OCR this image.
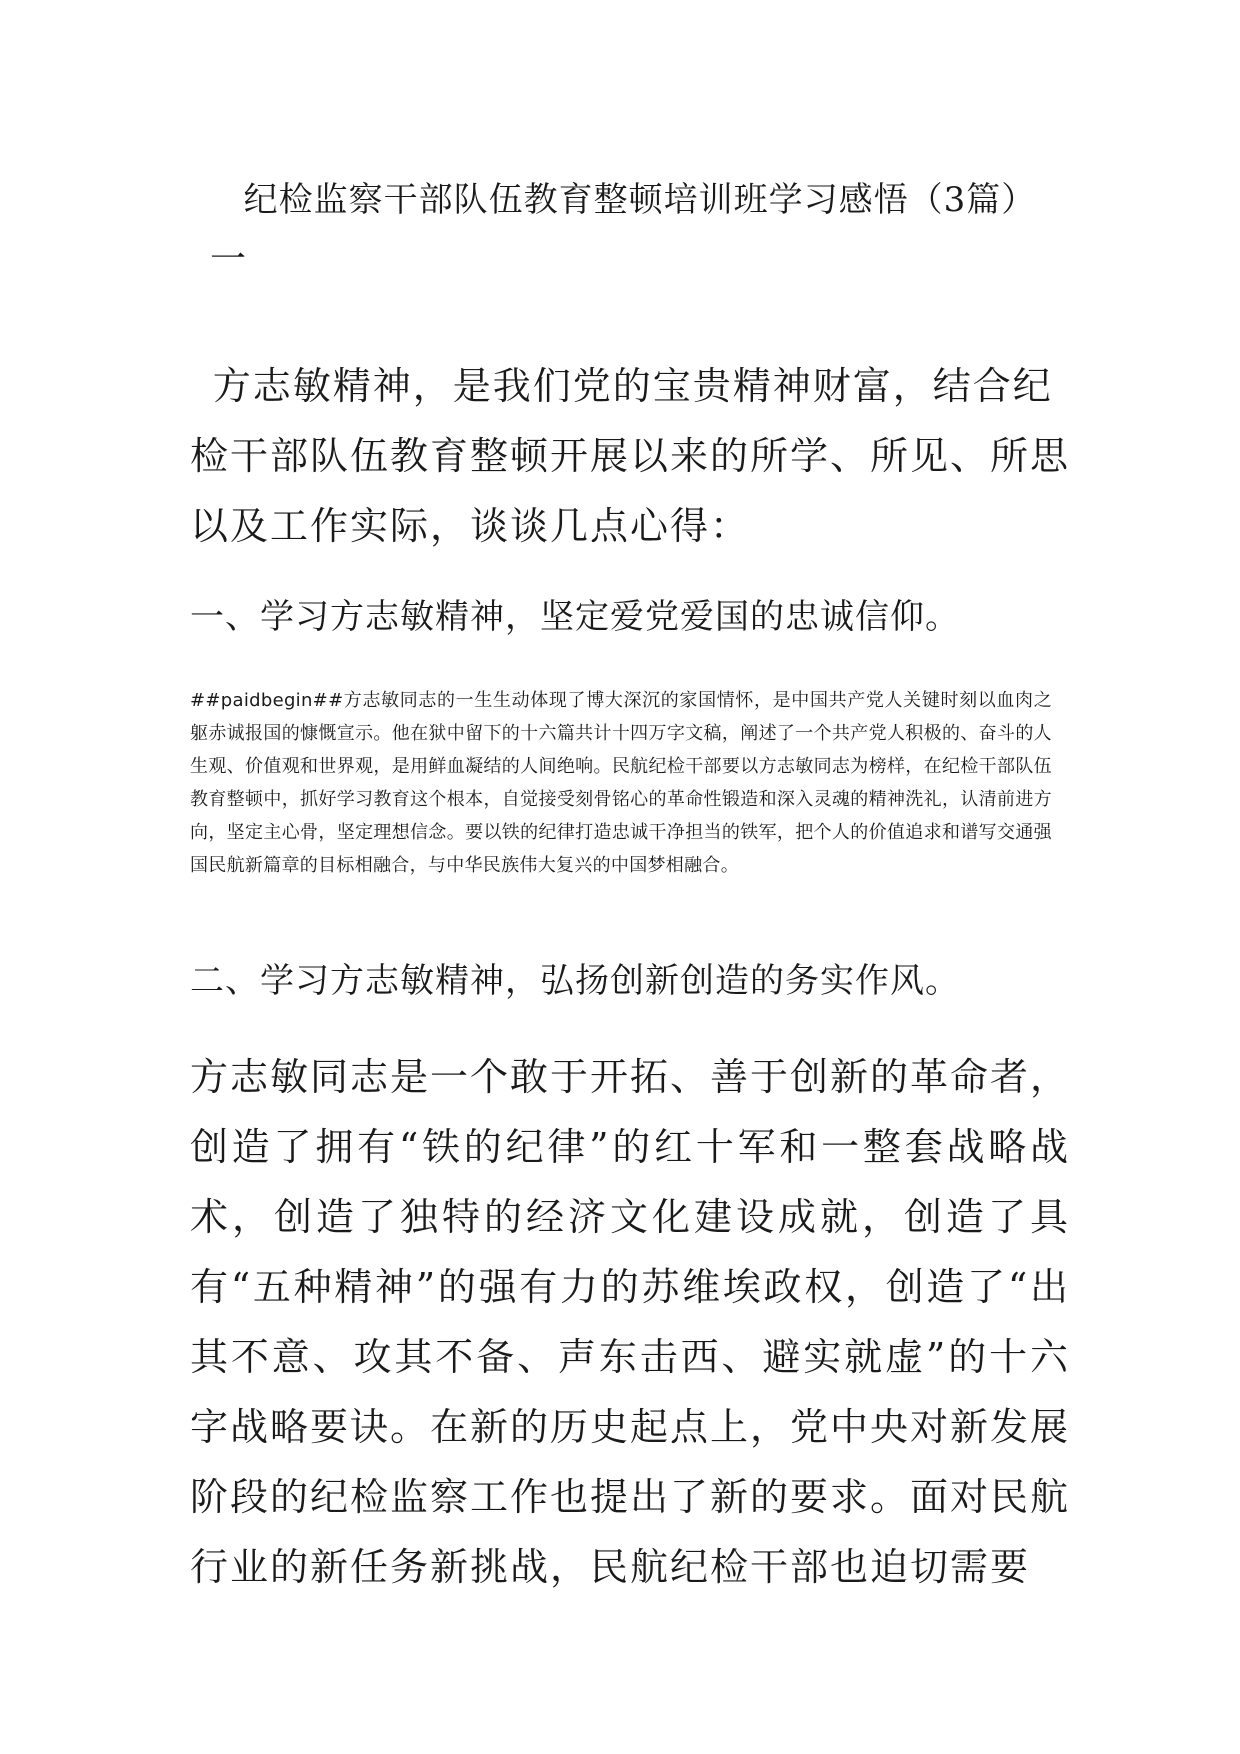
纪检监察干部队伍教育整顿培训班学习感悟（3篇）

一

方志敏精神，是我们党的宝贵精神财富，结合纪检干部队伍教育整顿开展以来的所学、所见、所思以及工作实际，谈谈几点心得：

一、学习方志敏精神，坚定爱党爱国的忠诚信仰。

##paidbegin##方志敏同志的一生生动体现了博大深沉的家国情怀，是中国共产党人关键时刻以血肉之躯赤诚报国的慷慨宣示。他在狱中留下的十六篇共计十四万字文稿，阐述了一个共产党人积极的、奋斗的人生观、价值观和世界观，是用鲜血凝结的人间绝响。民航纪检干部要以方志敏同志为榜样，在纪检干部队伍教育整顿中，抓好学习教育这个根本，自觉接受刻骨铭心的革命性锻造和深入灵魂的精神洗礼，认清前进方向，坚定主心骨，坚定理想信念。要以铁的纪律打造忠诚干净担当的铁军，把个人的价值追求和谱写交通强国民航新篇章的目标相融合，与中华民族伟大复兴的中国梦相融合。

二、学习方志敏精神，弘扬创新创造的务实作风。

方志敏同志是一个敢于开拓、善于创新的革命者，创造了拥有“铁的纪律”的红十军和一整套战略战术，创造了独特的经济文化建设成就，创造了具有“五种精神”的强有力的苏维埃政权，创造了“出其不意、攻其不备、声东击西、避实就虚”的十六字战略要诀。在新的历史起点上，党中央对新发展阶段的纪检监察工作也提出了新的要求。面对民航行业的新任务新挑战，民航纪检干部也迫切需要
